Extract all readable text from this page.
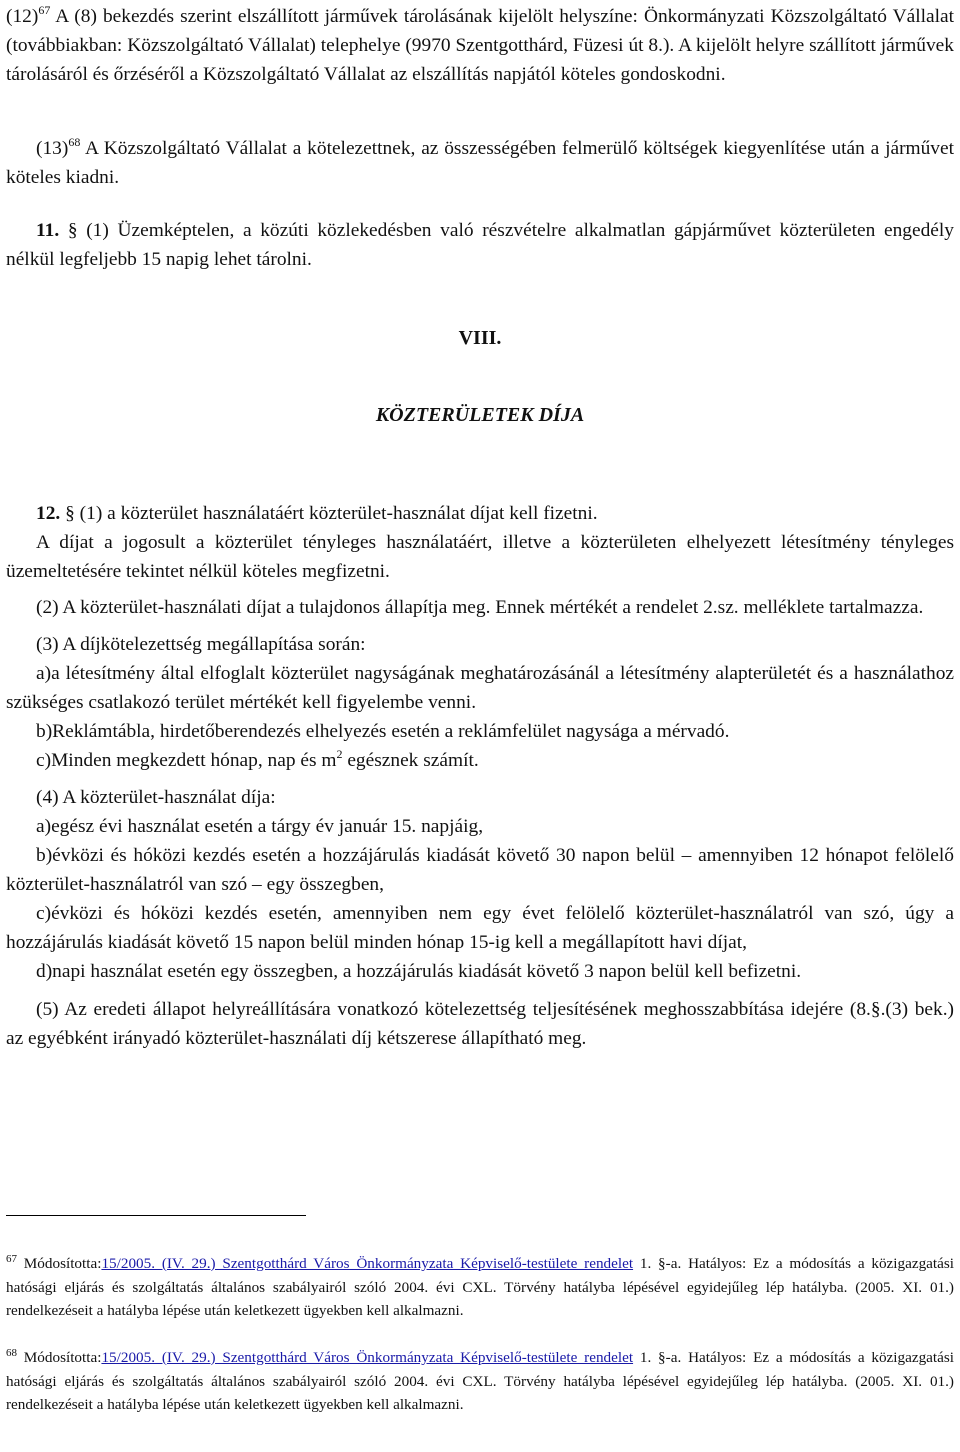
$(12)^{67}$ A (8) bekezdés szerint elszállított járművek tárolásának kijelölt helyszíne: Önkormányzati Közszolgáltató Vállalat (továbbiakban: Közszolgáltató Vállalat) telephelye (9970 Szentgotthárd, Füzesi út 8.). A kijelölt helyre szállított járművek tárolásáról és őrzéséről a Közszolgáltató Vállalat az elszállítás napjától köteles gondoskodni.

$(13)^{68}$ A Közszolgáltató Vállalat a kötelezettnek, az összességében felmerülő költségek kiegyenlítése után a járművet köteles kiadni.

11. § (1) Üzemképtelen, a közúti közlekedésben való részvételre alkalmatlan gápjárművet közterületen engedély nélkül legfeljebb 15 napig lehet tárolni.

VIII.
KÖZTERÜLETEK DÍJA

12. § (1) a közterület használatáért közterület-használat díjat kell fizetni.

A díjat a jogosult a közterület tényleges használatáért, illetve a közterületen elhelyezett létesítmény tényleges üzemeltetésére tekintet nélkül köteles megfizetni.

(2) A közterület-használati díjat a tulajdonos állapítja meg. Ennek mértékét a rendelet 2.sz. melléklete tartalmazza.

(3) A díjkötelezettség megállapítása során:

a)a létesítmény által elfoglalt közterület nagyságának meghatározásánál a létesítmény alapterületét és a használathoz szükséges csatlakozó terület mértékét kell figyelembe venni.

b)Reklámtábla, hirdetőberendezés elhelyezés esetén a reklámfelület nagysága a mérvadó.

c)Minden megkezdett hónap, nap és $m^2$ egésznek számít.

(4) A közterület-használat díja:

a)egész évi használat esetén a tárgy év január 15. napjáig,

b)évközi és hóközi kezdés esetén a hozzájárulás kiadását követő 30 napon belül – amennyiben 12 hónapot felölelő közterület-használatról van szó – egy összegben,

c)évközi és hóközi kezdés esetén, amennyiben nem egy évet felölelő közterület-használatról van szó, úgy a hozzájárulás kiadását követő 15 napon belül minden hónap 15-ig kell a megállapított havi díjat,

d)napi használat esetén egy összegben, a hozzájárulás kiadását követő 3 napon belül kell befizetni.

(5) Az eredeti állapot helyreállítására vonatkozó kötelezettség teljesítésének meghosszabbítása idejére (8.§.(3) bek.) az egyébként irányadó közterület-használati díj kétszerese állapítható meg.

$^{67}$ Módosította:15/2005. (IV. 29.) Szentgotthárd Város Önkormányzata Képviselő-testülete rendelet 1. §-a. Hatályos: Ez a módosítás a közigazgatási hatósági eljárás és szolgáltatás általános szabályairól szóló 2004. évi CXL. Törvény hatályba lépésével egyidejűleg lép hatályba. (2005. XI. 01.) rendelkezéseit a hatályba lépése után keletkezett ügyekben kell alkalmazni.
$^{68}$ Módosította:15/2005. (IV. 29.) Szentgotthárd Város Önkormányzata Képviselő-testülete rendelet 1. §-a. Hatályos: Ez a módosítás a közigazgatási hatósági eljárás és szolgáltatás általános szabályairól szóló 2004. évi CXL. Törvény hatályba lépésével egyidejűleg lép hatályba. (2005. XI. 01.) rendelkezéseit a hatályba lépése után keletkezett ügyekben kell alkalmazni.
